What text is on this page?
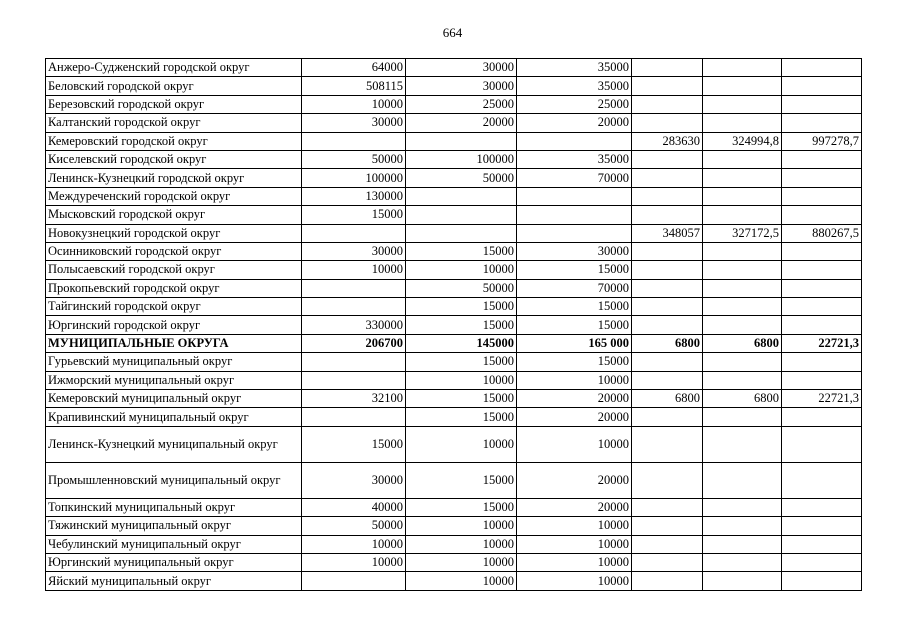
664
Анжеро-Судженский городской округ	64000	30000	35000			
Беловский городской округ	508115	30000	35000			
Березовский городской округ	10000	25000	25000			
Калтанский городской округ	30000	20000	20000			
Кемеровский городской округ				283630	324994,8	997278,7
Киселевский городской округ	50000	100000	35000			
Ленинск-Кузнецкий городской округ	100000	50000	70000			
Междуреченский городской округ	130000					
Мысковский городской округ	15000					
Новокузнецкий городской округ				348057	327172,5	880267,5
Осинниковский городской округ	30000	15000	30000			
Полысаевский городской округ	10000	10000	15000			
Прокопьевский городской округ		50000	70000			
Тайгинский городской округ		15000	15000			
Юргинский городской округ	330000	15000	15000			
МУНИЦИПАЛЬНЫЕ ОКРУГА	206700	145000	165 000	6800	6800	22721,3
Гурьевский муниципальный округ		15000	15000			
Ижморский муниципальный округ		10000	10000			
Кемеровский муниципальный округ	32100	15000	20000	6800	6800	22721,3
Крапивинский муниципальный округ		15000	20000			
Ленинск-Кузнецкий муниципальный округ	15000	10000	10000			
Промышленновский муниципальный округ	30000	15000	20000			
Топкинский муниципальный округ	40000	15000	20000			
Тяжинский муниципальный округ	50000	10000	10000			
Чебулинский муниципальный округ	10000	10000	10000			
Юргинский муниципальный округ	10000	10000	10000			
Яйский муниципальный округ		10000	10000			
